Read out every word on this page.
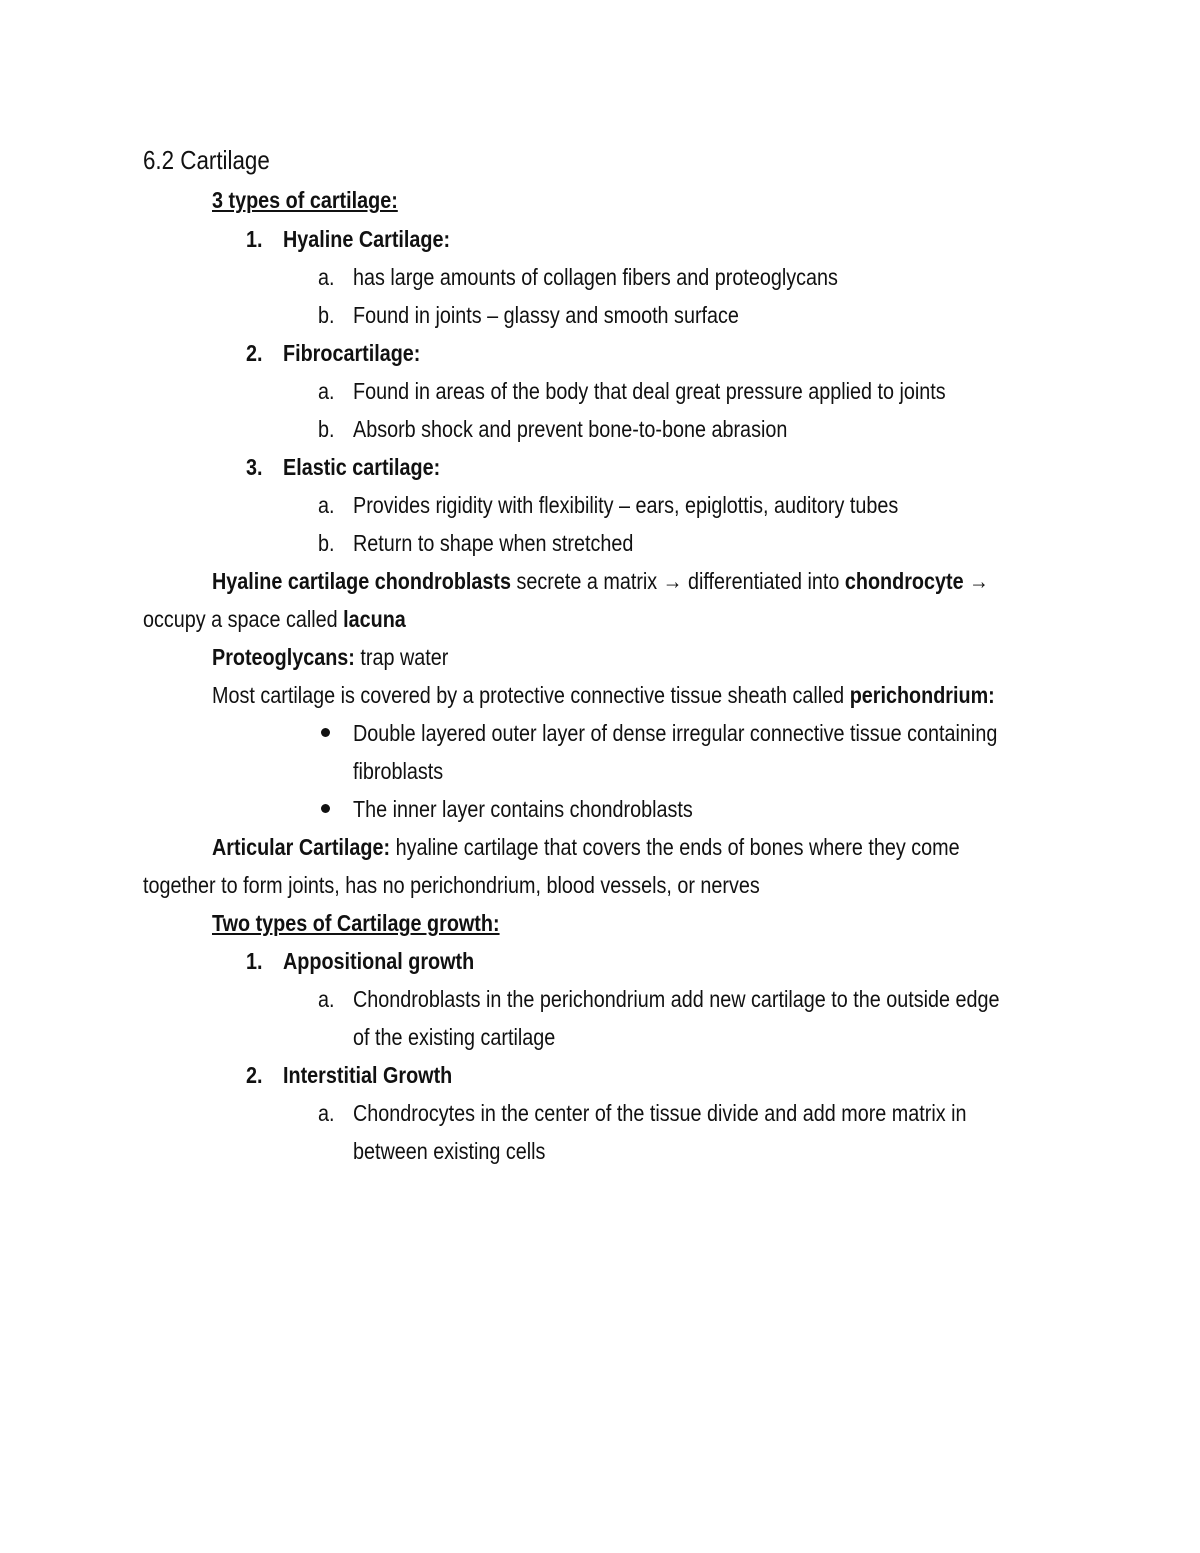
6.2 Cartilage
3 types of cartilage:
1. Hyaline Cartilage:
a. has large amounts of collagen fibers and proteoglycans
b. Found in joints – glassy and smooth surface
2. Fibrocartilage:
a. Found in areas of the body that deal great pressure applied to joints
b. Absorb shock and prevent bone-to-bone abrasion
3. Elastic cartilage:
a. Provides rigidity with flexibility – ears, epiglottis, auditory tubes
b. Return to shape when stretched
Hyaline cartilage chondroblasts secrete a matrix → differentiated into chondrocyte →
occupy a space called lacuna
Proteoglycans: trap water
Most cartilage is covered by a protective connective tissue sheath called perichondrium:
Double layered outer layer of dense irregular connective tissue containing
fibroblasts
The inner layer contains chondroblasts
Articular Cartilage: hyaline cartilage that covers the ends of bones where they come
together to form joints, has no perichondrium, blood vessels, or nerves
Two types of Cartilage growth:
1. Appositional growth
a. Chondroblasts in the perichondrium add new cartilage to the outside edge
of the existing cartilage
2. Interstitial Growth
a. Chondrocytes in the center of the tissue divide and add more matrix in
between existing cells
